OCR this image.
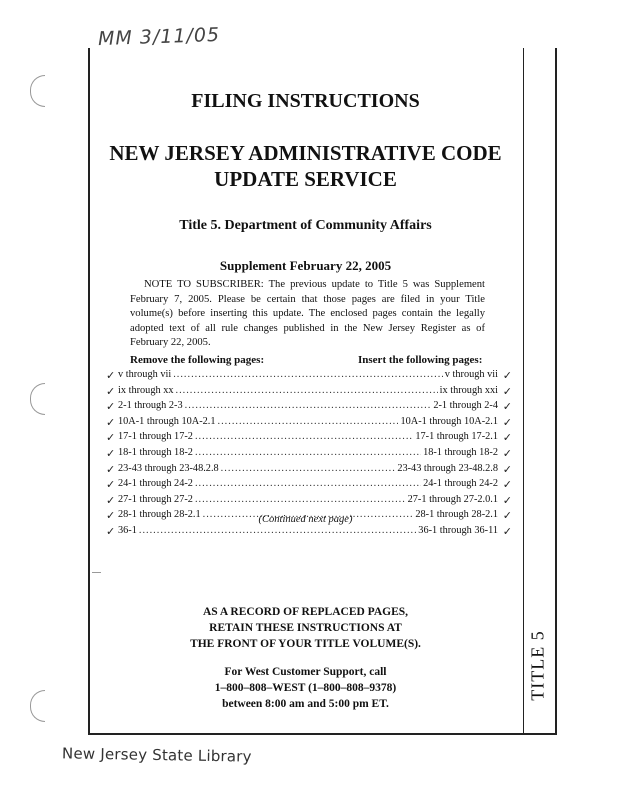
MM 3/11/05
TITLE 5
FILING INSTRUCTIONS
NEW JERSEY ADMINISTRATIVE CODE
UPDATE SERVICE
Title 5. Department of Community Affairs
Supplement February 22, 2005

NOTE TO SUBSCRIBER: The previous update to Title 5 was Supplement February 7, 2005. Please be certain that those pages are filed in your Title volume(s) before inserting this update. The enclosed pages contain the legally adopted text of all rule changes published in the New Jersey Register as of February 22, 2005.

Remove the following pages:	Insert the following pages:
✓ v through vii .....	v through vii ✓
✓ ix through xx .....	ix through xxi ✓
✓ 2-1 through 2-3 .....	2-1 through 2-4 ✓
✓ 10A-1 through 10A-2.1 .....	10A-1 through 10A-2.1 ✓
✓ 17-1 through 17-2 .....	17-1 through 17-2.1 ✓
✓ 18-1 through 18-2 .....	18-1 through 18-2 ✓
✓ 23-43 through 23-48.2.8 .....	23-43 through 23-48.2.8 ✓
✓ 24-1 through 24-2 .....	24-1 through 24-2 ✓
✓ 27-1 through 27-2 .....	27-1 through 27-2.0.1 ✓
✓ 28-1 through 28-2.1 .....	28-1 through 28-2.1 ✓
✓ 36-1 .....	36-1 through 36-11 ✓
(Continued next page)

AS A RECORD OF REPLACED PAGES,
RETAIN THESE INSTRUCTIONS AT
THE FRONT OF YOUR TITLE VOLUME(S).

For West Customer Support, call
1–800–808–WEST (1–800–808–9378)
between 8:00 am and 5:00 pm ET.

New Jersey State Library
